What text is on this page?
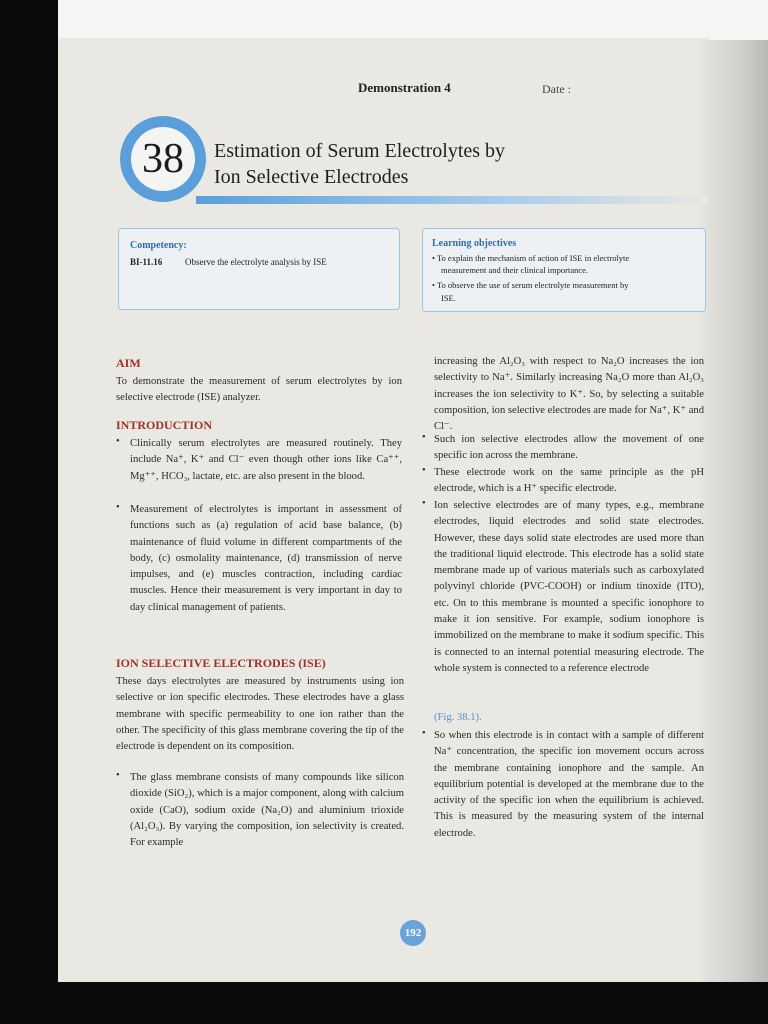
Demonstration 4	Date :
38	Estimation of Serum Electrolytes by
Ion Selective Electrodes
Competency:
BI-11.16	Observe the electrolyte analysis by ISE
Learning objectives
• To explain the mechanism of action of ISE in electrolyte
measurement and their clinical importance.
• To observe the use of serum electrolyte measurement by
ISE.
AIM
To demonstrate the measurement of serum electrolytes by ion selective electrode (ISE) analyzer.
INTRODUCTION
• Clinically serum electrolytes are measured routinely. They include Na⁺, K⁺ and Cl⁻ even though other ions like Ca⁺⁺, Mg⁺⁺, HCO₃, lactate, etc. are also present in the blood.
• Measurement of electrolytes is important in assessment of functions such as (a) regulation of acid base balance, (b) maintenance of fluid volume in different compartments of the body, (c) osmolality maintenance, (d) transmission of nerve impulses, and (e) muscles contraction, including cardiac muscles. Hence their measurement is very important in day to day clinical management of patients.
ION SELECTIVE ELECTRODES (ISE)
These days electrolytes are measured by instruments using ion selective or ion specific electrodes. These electrodes have a glass membrane with specific permeability to one ion rather than the other. The specificity of this glass membrane covering the tip of the electrode is dependent on its composition.
• The glass membrane consists of many compounds like silicon dioxide (SiO₂), which is a major component, along with calcium oxide (CaO), sodium oxide (Na₂O) and aluminium trioxide (Al₂O₃). By varying the composition, ion selectivity is created. For example
increasing the Al₂O₃ with respect to Na₂O increases the ion selectivity to Na⁺. Similarly increasing Na₂O more than Al₂O₃ increases the ion selectivity to K⁺. So, by selecting a suitable composition, ion selective electrodes are made for Na⁺, K⁺ and Cl⁻.
• Such ion selective electrodes allow the movement of one specific ion across the membrane.
• These electrode work on the same principle as the pH electrode, which is a H⁺ specific electrode.
• Ion selective electrodes are of many types, e.g., membrane electrodes, liquid electrodes and solid state electrodes. However, these days solid state electrodes are used more than the traditional liquid electrode. This electrode has a solid state membrane made up of various materials such as carboxylated polyvinyl chloride (PVC-COOH) or indium tinoxide (ITO), etc. On to this membrane is mounted a specific ionophore to make it ion sensitive. For example, sodium ionophore is immobilized on the membrane to make it sodium specific. This is connected to an internal potential measuring electrode. The whole system is connected to a reference electrode
(Fig. 38.1).
• So when this electrode is in contact with a sample of different Na⁺ concentration, the specific ion movement occurs across the membrane containing ionophore and the sample. An equilibrium potential is developed at the membrane due to the activity of the specific ion when the equilibrium is achieved. This is measured by the measuring system of the internal electrode.
192
